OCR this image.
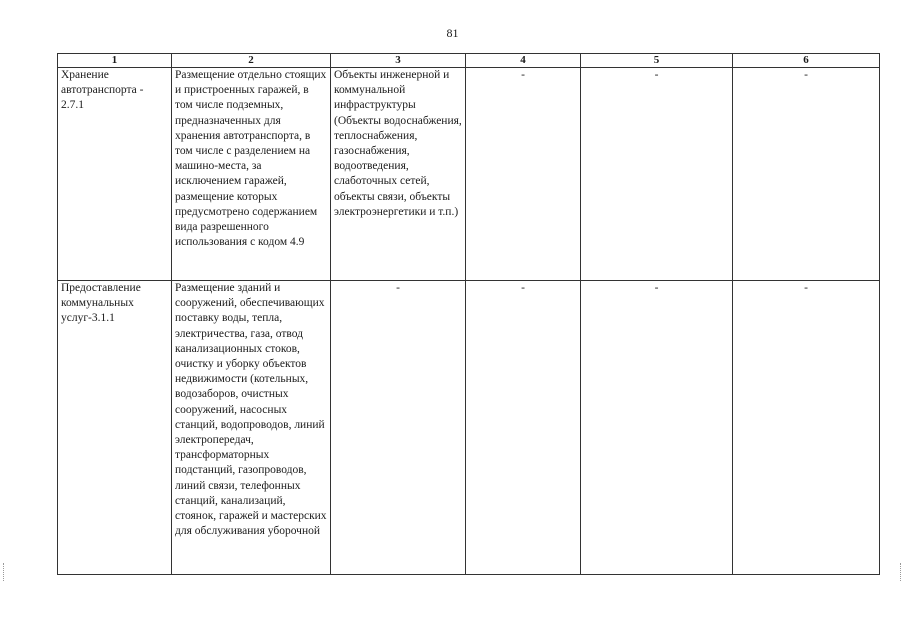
81
1	2	3	4	5	6
Хранение автотранспорта - 2.7.1	Размещение отдельно стоящих и пристроенных гаражей, в том числе подземных, предназначенных для хранения автотранспорта, в том числе с разделением на машино-места, за исключением гаражей, размещение которых предусмотрено содержанием вида разрешенного использования с кодом 4.9	Объекты инженерной и коммунальной инфраструктуры (Объекты водоснабжения, теплоснабжения, газоснабжения, водоотведения, слаботочных сетей, объекты связи, объекты электроэнергетики и т.п.)	-	-	-
Предоставление коммунальных услуг-3.1.1	Размещение зданий и сооружений, обеспечивающих поставку воды, тепла, электричества, газа, отвод канализационных стоков, очистку и уборку объектов недвижимости (котельных, водозаборов, очистных сооружений, насосных станций, водопроводов, линий электропередач, трансформаторных подстанций, газопроводов, линий связи, телефонных станций, канализаций, стоянок, гаражей и мастерских для обслуживания уборочной	-	-	-	-
